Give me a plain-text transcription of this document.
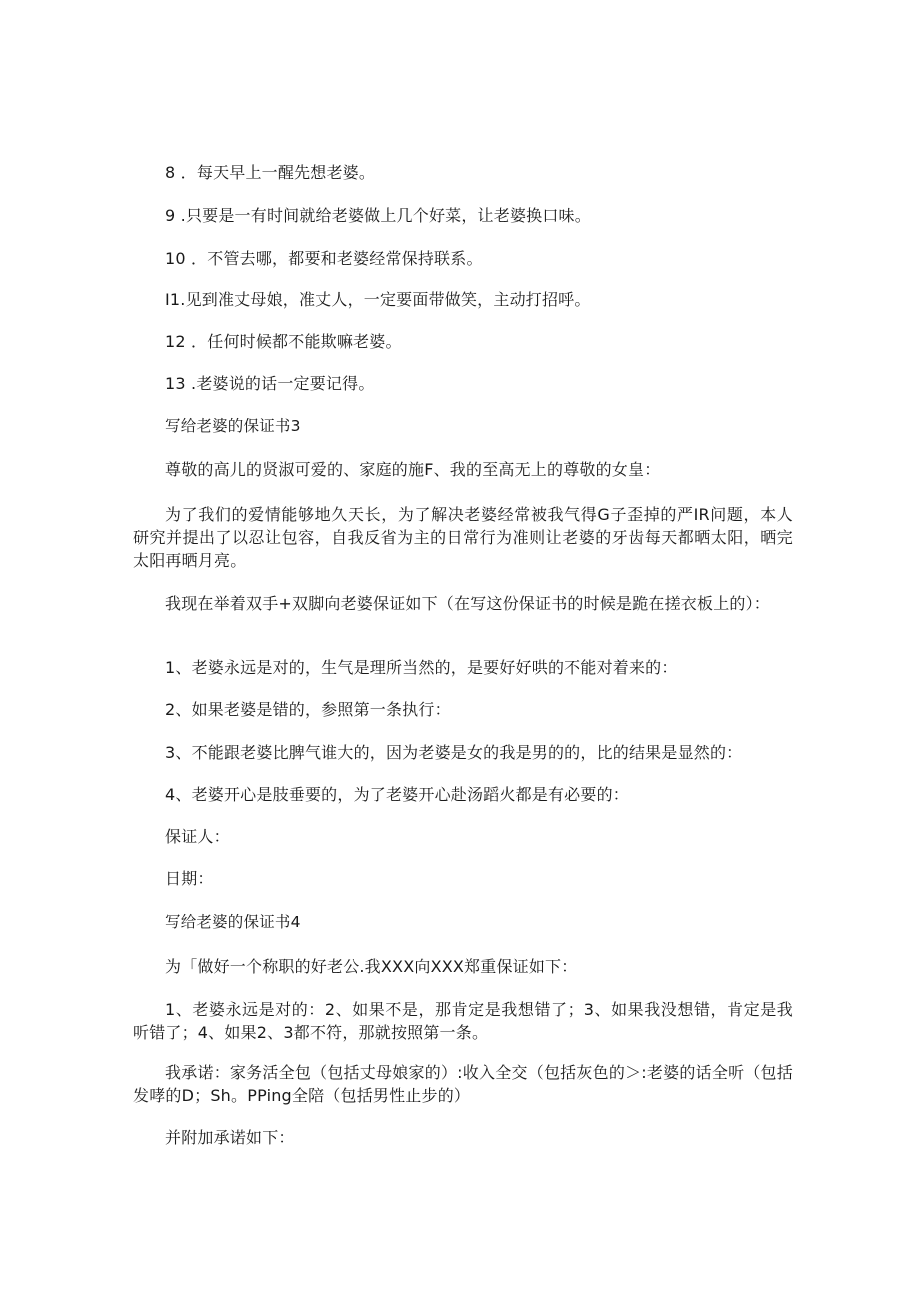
8 ．每天早上一醒先想老婆。
9 .只要是一有时间就给老婆做上几个好菜，让老婆换口味。
10 ．不管去哪，都要和老婆经常保持联系。
I1.见到准丈母娘，准丈人，一定要面带做笑，主动打招呼。
12 ．任何时候都不能欺嘛老婆。
13 .老婆说的话一定要记得。
写给老婆的保证书3
尊敬的高儿的贤淑可爱的、家庭的施F、我的至高无上的尊敬的女皇：
为了我们的爱情能够地久天长，为了解决老婆经常被我气得G子歪掉的严IR问题，本人研究并提出了以忍让包容，自我反省为主的日常行为准则让老婆的牙齿每天都晒太阳，晒完太阳再晒月亮。
我现在举着双手+双脚向老婆保证如下（在写这份保证书的时候是跪在搓衣板上的）：
1、老婆永远是对的，生气是理所当然的，是要好好哄的不能对着来的：
2、如果老婆是错的，参照第一条执行：
3、不能跟老婆比脾气谁大的，因为老婆是女的我是男的的，比的结果是显然的：
4、老婆开心是肢垂要的，为了老婆开心赴汤蹈火都是有必要的：
保证人：
日期：
写给老婆的保证书4
为「做好一个称职的好老公.我XXX向XXX郑重保证如下：
1、老婆永远是对的：2、如果不是，那肯定是我想错了；3、如果我没想错，肯定是我听错了；4、如果2、3都不符，那就按照第一条。
我承诺：家务活全包（包括丈母娘家的）:收入全交（包括灰色的＞:老婆的话全听（包括发哮的D；Sh。PPing全陪（包括男性止步的）
并附加承诺如下：
